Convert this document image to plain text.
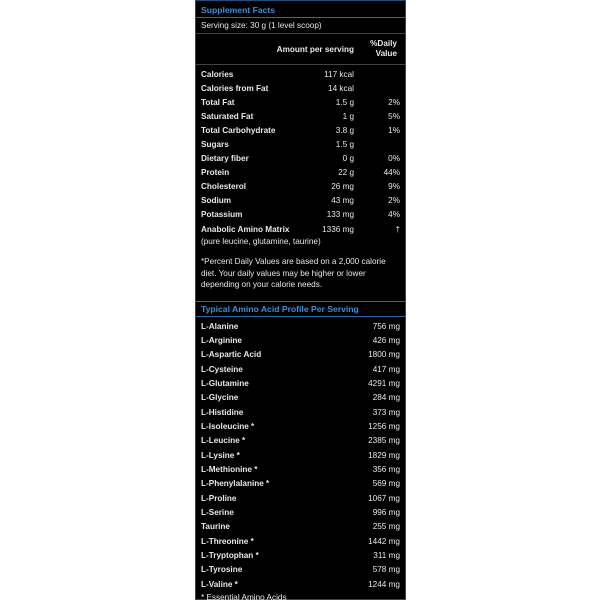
Supplement Facts
Serving size: 30 g (1 level scoop)
Amount per serving
%Daily Value
Calories	117 kcal
Calories from Fat	14 kcal
Total Fat	1.5 g	2%
Saturated Fat	1 g	5%
Total Carbohydrate	3.8 g	1%
Sugars	1.5 g
Dietary fiber	0 g	0%
Protein	22 g	44%
Cholesterol	26 mg	9%
Sodium	43 mg	2%
Potassium	133 mg	4%
Anabolic Amino Matrix	1336 mg	†
(pure leucine, glutamine, taurine)
*Percent Daily Values are based on a 2,000 calorie diet. Your daily values may be higher or lower depending on your calorie needs.
Typical Amino Acid Profile Per Serving
L-Alanine	756 mg
L-Arginine	426 mg
L-Aspartic Acid	1800 mg
L-Cysteine	417 mg
L-Glutamine	4291 mg
L-Glycine	284 mg
L-Histidine	373 mg
L-Isoleucine *	1256 mg
L-Leucine *	2385 mg
L-Lysine *	1829 mg
L-Methionine *	356 mg
L-Phenylalanine *	569 mg
L-Proline	1067 mg
L-Serine	996 mg
Taurine	255 mg
L-Threonine *	1442 mg
L-Tryptophan *	311 mg
L-Tyrosine	578 mg
L-Valine *	1244 mg
* Essential Amino Acids
